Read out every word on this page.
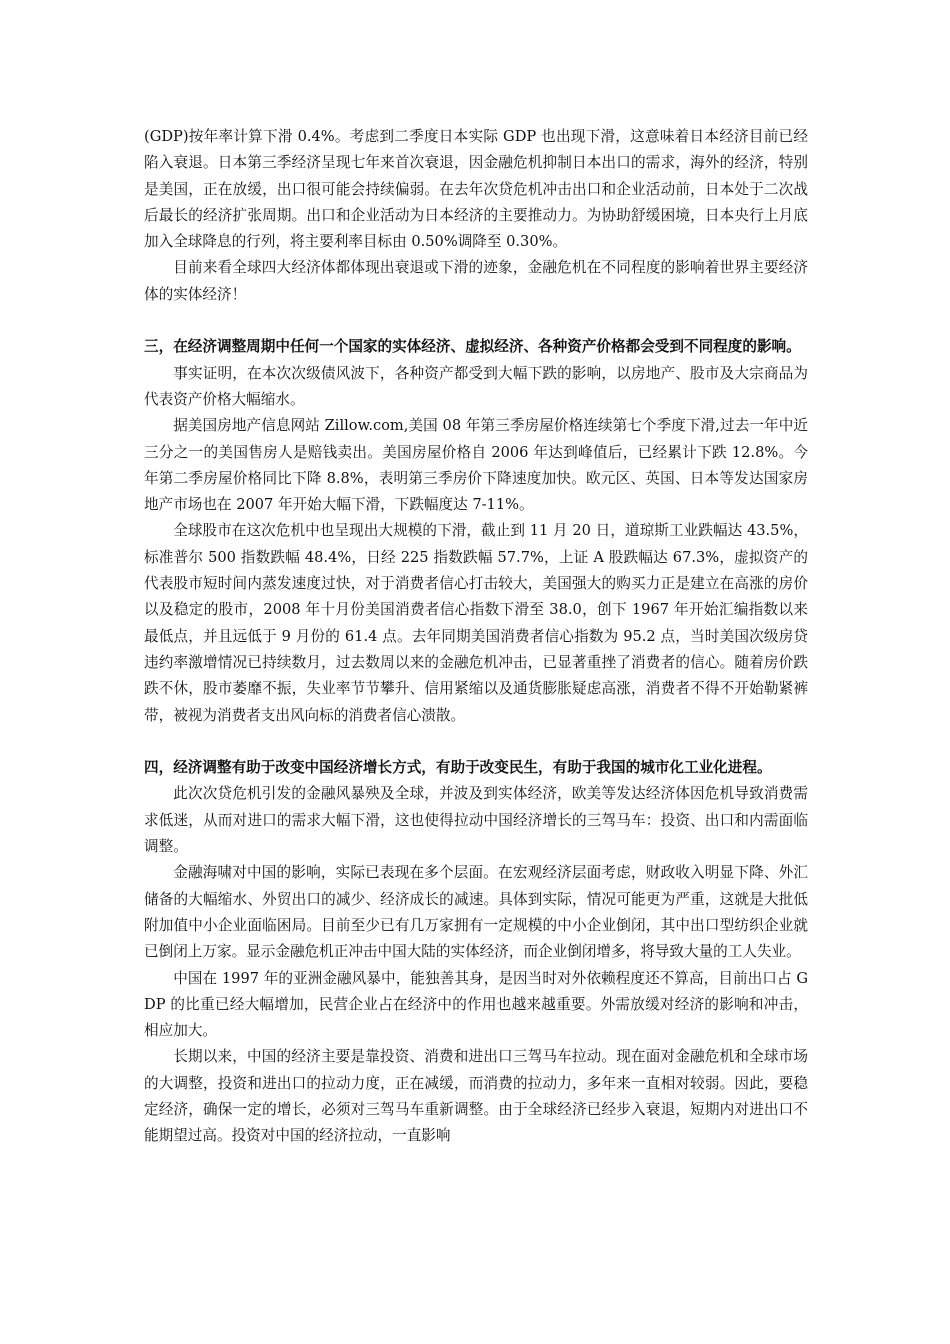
(GDP)按年率计算下滑 0.4%。考虑到二季度日本实际 GDP 也出现下滑，这意味着日本经济目前已经陷入衰退。日本第三季经济呈现七年来首次衰退，因金融危机抑制日本出口的需求，海外的经济，特别是美国，正在放缓，出口很可能会持续偏弱。在去年次贷危机冲击出口和企业活动前，日本处于二次战后最长的经济扩张周期。出口和企业活动为日本经济的主要推动力。为协助舒缓困境，日本央行上月底加入全球降息的行列，将主要利率目标由 0.50%调降至 0.30%。

目前来看全球四大经济体都体现出衰退或下滑的迹象，金融危机在不同程度的影响着世界主要经济体的实体经济！

三，在经济调整周期中任何一个国家的实体经济、虚拟经济、各种资产价格都会受到不同程度的影响。

事实证明，在本次次级债风波下，各种资产都受到大幅下跌的影响，以房地产、股市及大宗商品为代表资产价格大幅缩水。

据美国房地产信息网站 Zillow.com,美国 08 年第三季房屋价格连续第七个季度下滑,过去一年中近三分之一的美国售房人是赔钱卖出。美国房屋价格自 2006 年达到峰值后，已经累计下跌 12.8%。今年第二季房屋价格同比下降 8.8%，表明第三季房价下降速度加快。欧元区、英国、日本等发达国家房地产市场也在 2007 年开始大幅下滑，下跌幅度达 7-11%。

全球股市在这次危机中也呈现出大规模的下滑，截止到 11 月 20 日，道琼斯工业跌幅达 43.5%，标准普尔 500 指数跌幅 48.4%，日经 225 指数跌幅 57.7%，上证 A 股跌幅达 67.3%，虚拟资产的代表股市短时间内蒸发速度过快，对于消费者信心打击较大，美国强大的购买力正是建立在高涨的房价以及稳定的股市，2008 年十月份美国消费者信心指数下滑至 38.0，创下 1967 年开始汇编指数以来最低点，并且远低于 9 月份的 61.4 点。去年同期美国消费者信心指数为 95.2 点，当时美国次级房贷违约率激增情况已持续数月，过去数周以来的金融危机冲击，已显著重挫了消费者的信心。随着房价跌跌不休，股市萎靡不振，失业率节节攀升、信用紧缩以及通货膨胀疑虑高涨，消费者不得不开始勒紧裤带，被视为消费者支出风向标的消费者信心溃散。

四，经济调整有助于改变中国经济增长方式，有助于改变民生，有助于我国的城市化工业化进程。

此次次贷危机引发的金融风暴殃及全球，并波及到实体经济，欧美等发达经济体因危机导致消费需求低迷，从而对进口的需求大幅下滑，这也使得拉动中国经济增长的三驾马车：投资、出口和内需面临调整。

金融海啸对中国的影响，实际已表现在多个层面。在宏观经济层面考虑，财政收入明显下降、外汇储备的大幅缩水、外贸出口的减少、经济成长的减速。具体到实际，情况可能更为严重，这就是大批低附加值中小企业面临困局。目前至少已有几万家拥有一定规模的中小企业倒闭，其中出口型纺织企业就已倒闭上万家。显示金融危机正冲击中国大陆的实体经济，而企业倒闭增多，将导致大量的工人失业。

中国在 1997 年的亚洲金融风暴中，能独善其身，是因当时对外依赖程度还不算高，目前出口占 GDP 的比重已经大幅增加，民营企业占在经济中的作用也越来越重要。外需放缓对经济的影响和冲击，相应加大。

长期以来，中国的经济主要是靠投资、消费和进出口三驾马车拉动。现在面对金融危机和全球市场的大调整，投资和进出口的拉动力度，正在减缓，而消费的拉动力，多年来一直相对较弱。因此，要稳定经济，确保一定的增长，必须对三驾马车重新调整。由于全球经济已经步入衰退，短期内对进出口不能期望过高。投资对中国的经济拉动，一直影响
